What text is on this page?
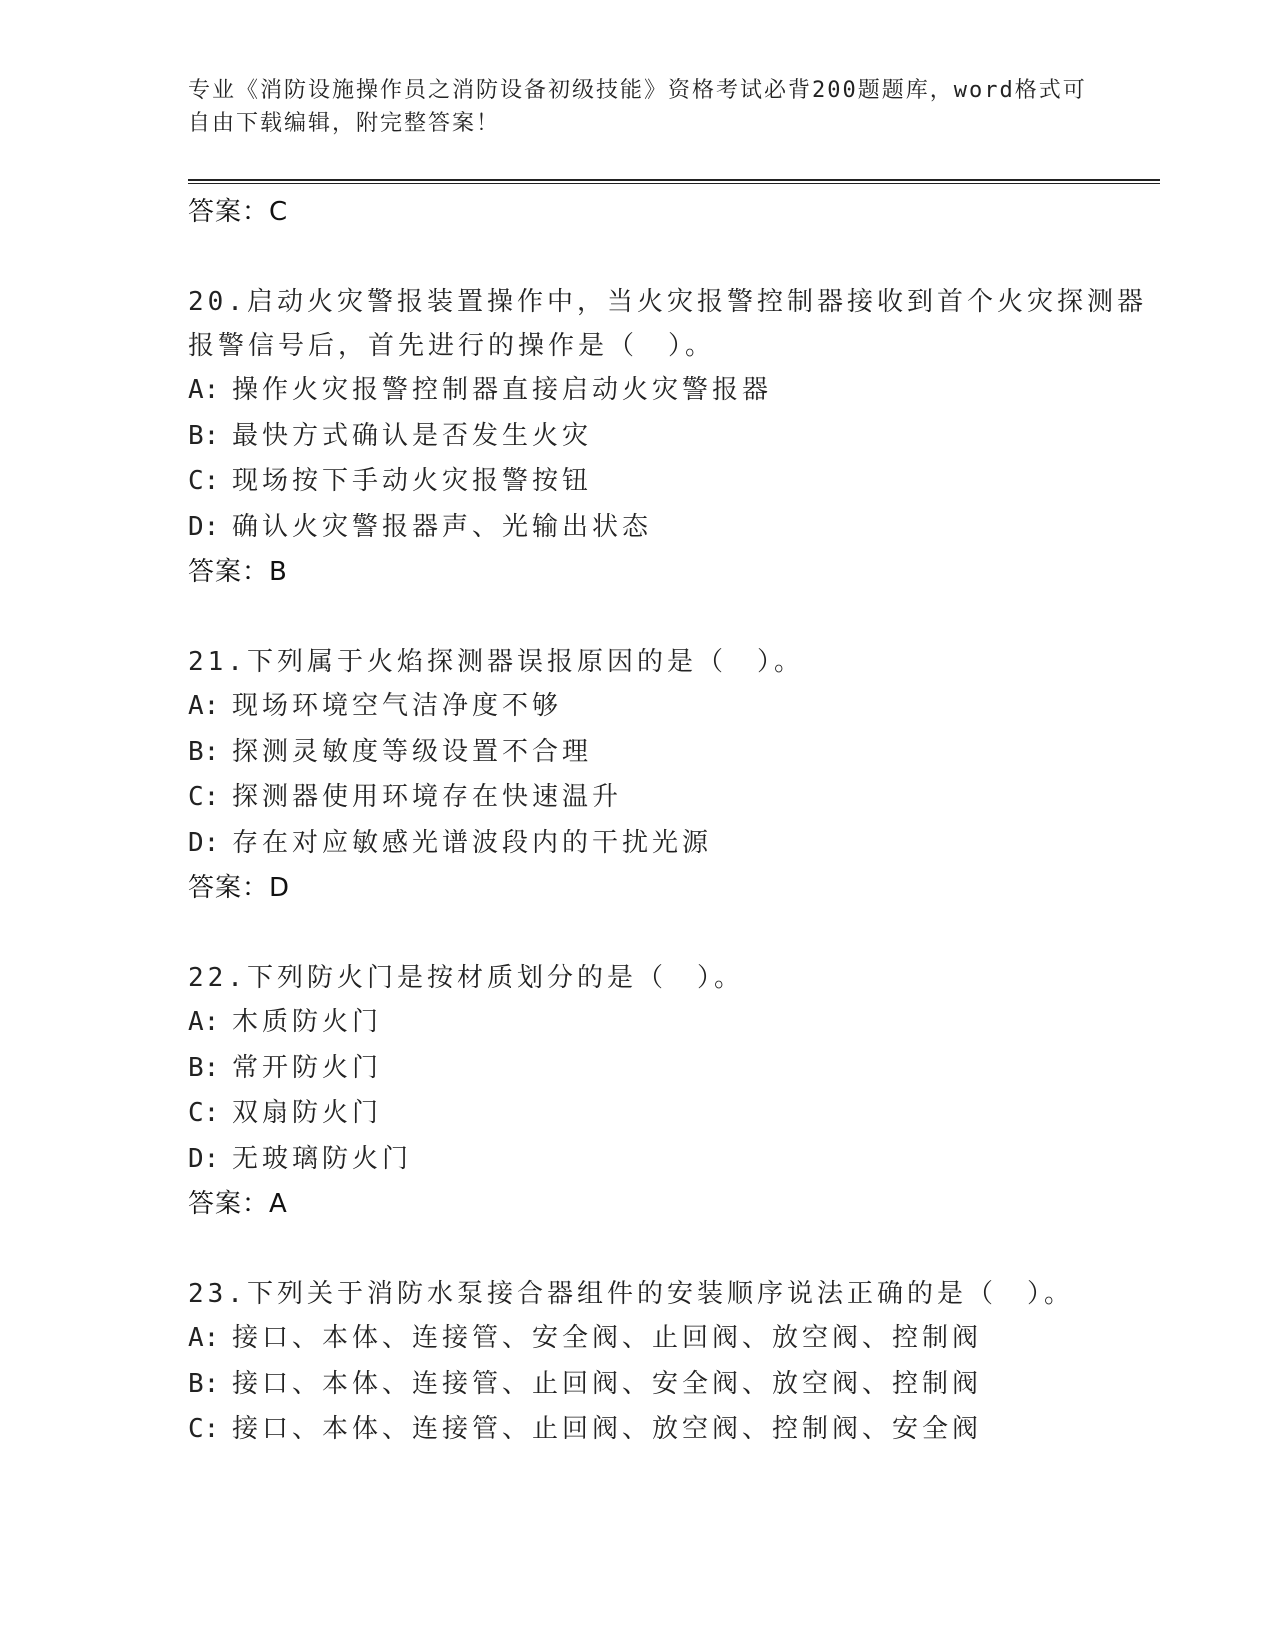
专业《消防设施操作员之消防设备初级技能》资格考试必背200题题库，word格式可自由下载编辑，附完整答案！
答案：C
20.启动火灾警报装置操作中，当火灾报警控制器接收到首个火灾探测器报警信号后，首先进行的操作是（　）。
A: 操作火灾报警控制器直接启动火灾警报器
B: 最快方式确认是否发生火灾
C: 现场按下手动火灾报警按钮
D: 确认火灾警报器声、光输出状态
答案：B
21.下列属于火焰探测器误报原因的是（　）。
A: 现场环境空气洁净度不够
B: 探测灵敏度等级设置不合理
C: 探测器使用环境存在快速温升
D: 存在对应敏感光谱波段内的干扰光源
答案：D
22.下列防火门是按材质划分的是（　）。
A: 木质防火门
B: 常开防火门
C: 双扇防火门
D: 无玻璃防火门
答案：A
23.下列关于消防水泵接合器组件的安装顺序说法正确的是（　）。
A: 接口、本体、连接管、安全阀、止回阀、放空阀、控制阀
B: 接口、本体、连接管、止回阀、安全阀、放空阀、控制阀
C: 接口、本体、连接管、止回阀、放空阀、控制阀、安全阀
